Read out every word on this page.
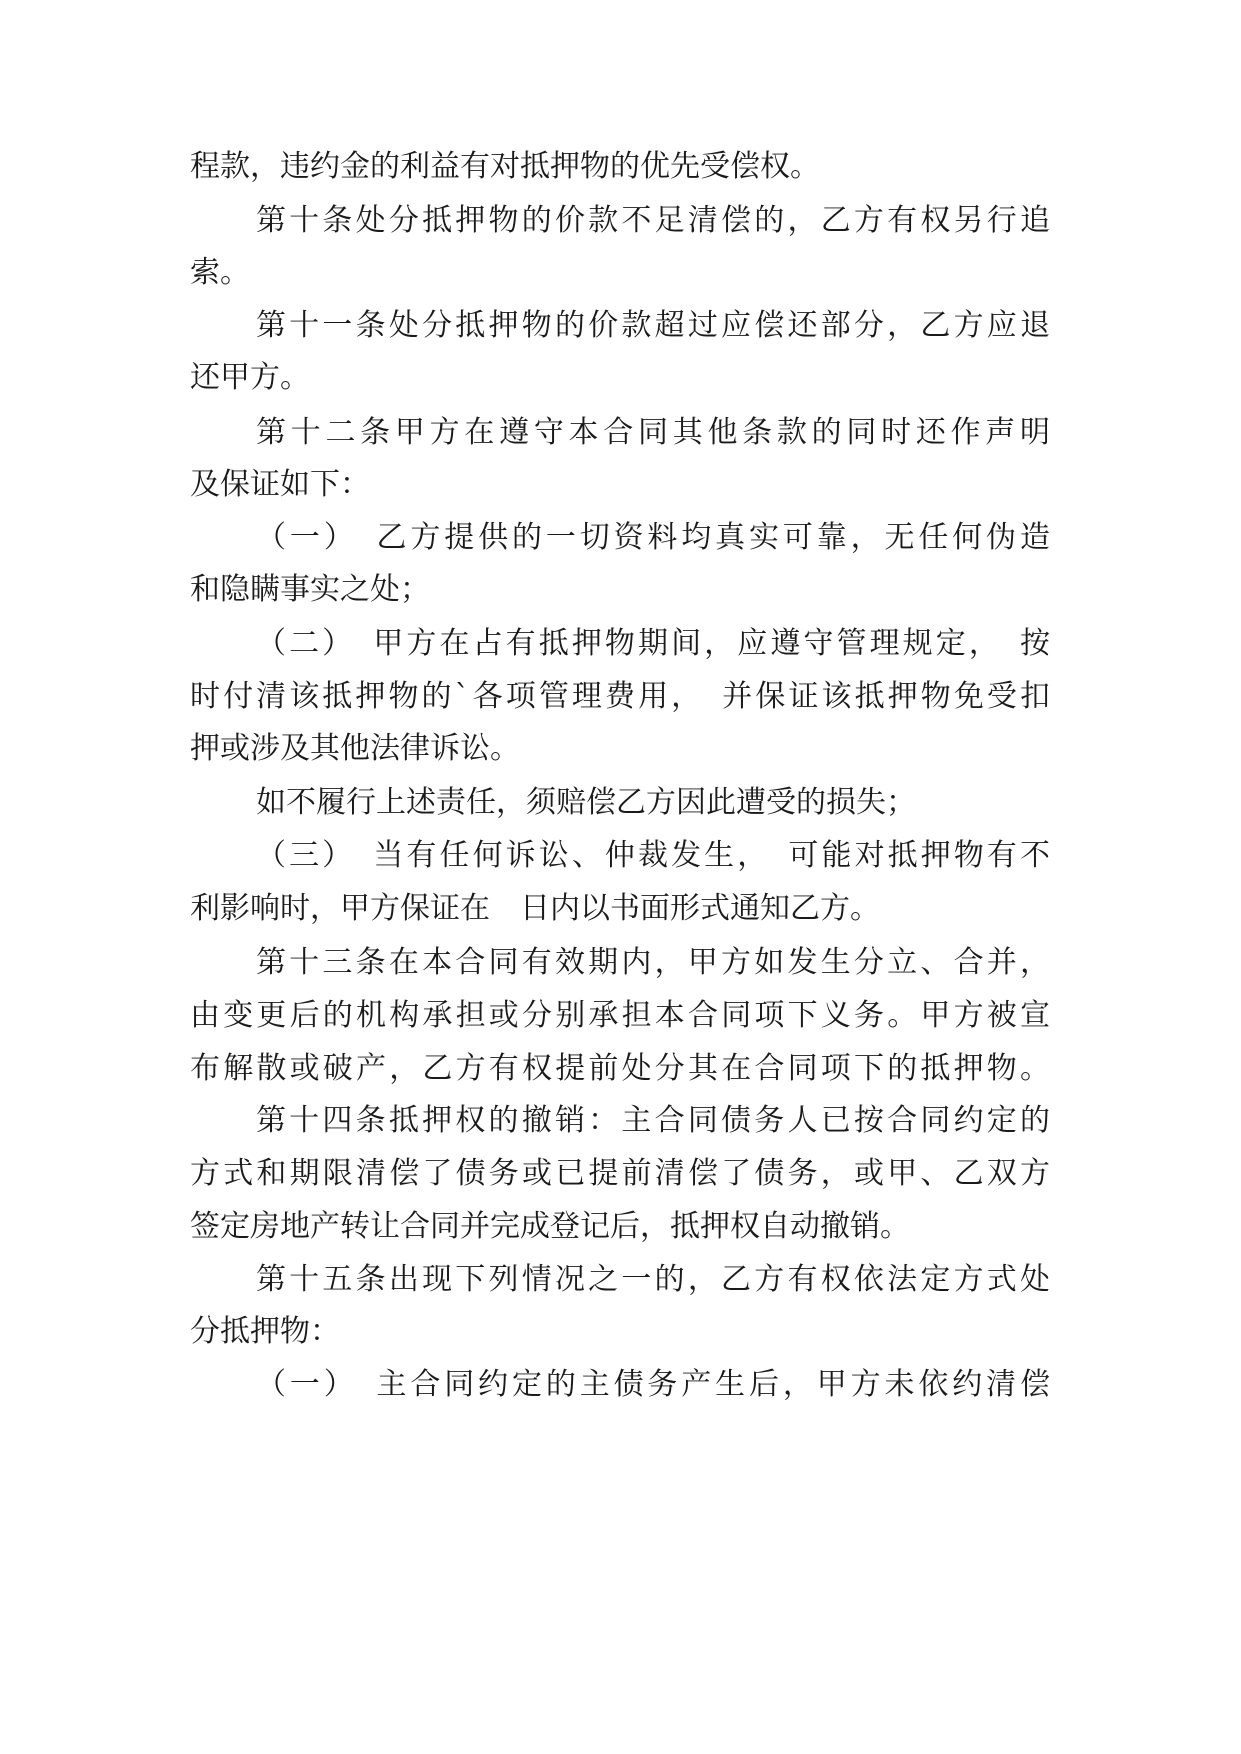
程款，违约金的利益有对抵押物的优先受偿权。
第十条处分抵押物的价款不足清偿的，乙方有权另行追
索。
第十一条处分抵押物的价款超过应偿还部分，乙方应退
还甲方。
第十二条甲方在遵守本合同其他条款的同时还作声明
及保证如下：
（一）　乙方提供的一切资料均真实可靠，无任何伪造
和隐瞒事实之处；
（二）　甲方在占有抵押物期间，应遵守管理规定，　按
时付清该抵押物的`各项管理费用，　并保证该抵押物免受扣
押或涉及其他法律诉讼。
如不履行上述责任，须赔偿乙方因此遭受的损失；
（三）　当有任何诉讼、仲裁发生，　可能对抵押物有不
利影响时，甲方保证在　日内以书面形式通知乙方。
第十三条在本合同有效期内，甲方如发生分立、合并，
由变更后的机构承担或分别承担本合同项下义务。甲方被宣
布解散或破产，乙方有权提前处分其在合同项下的抵押物。
第十四条抵押权的撤销：主合同债务人已按合同约定的
方式和期限清偿了债务或已提前清偿了债务，或甲、乙双方
签定房地产转让合同并完成登记后，抵押权自动撤销。
第十五条出现下列情况之一的，乙方有权依法定方式处
分抵押物：
（一）　主合同约定的主债务产生后，甲方未依约清偿
